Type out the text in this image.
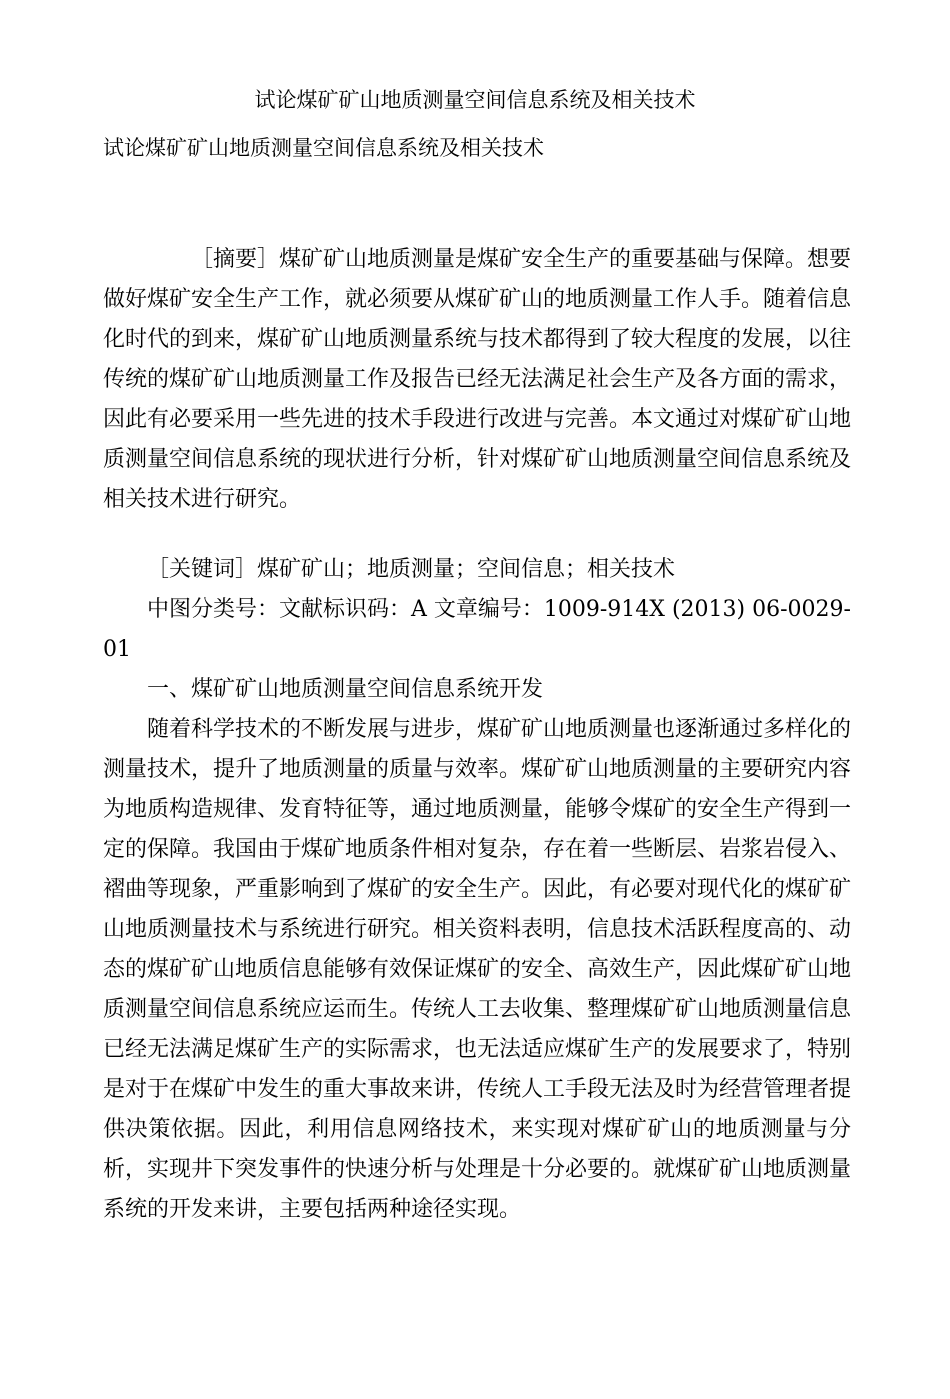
试论煤矿矿山地质测量空间信息系统及相关技术
试论煤矿矿山地质测量空间信息系统及相关技术

［摘要］煤矿矿山地质测量是煤矿安全生产的重要基础与保障。想要做好煤矿安全生产工作，就必须要从煤矿矿山的地质测量工作人手。随着信息化时代的到来，煤矿矿山地质测量系统与技术都得到了较大程度的发展，以往传统的煤矿矿山地质测量工作及报告已经无法满足社会生产及各方面的需求，因此有必要采用一些先进的技术手段进行改进与完善。本文通过对煤矿矿山地质测量空间信息系统的现状进行分析，针对煤矿矿山地质测量空间信息系统及相关技术进行研究。

［关键词］煤矿矿山；地质测量；空间信息；相关技术

中图分类号：文献标识码：A 文章编号：1009-914X (2013) 06-0029-01

一、煤矿矿山地质测量空间信息系统开发

随着科学技术的不断发展与进步，煤矿矿山地质测量也逐渐通过多样化的测量技术，提升了地质测量的质量与效率。煤矿矿山地质测量的主要研究内容为地质构造规律、发育特征等，通过地质测量，能够令煤矿的安全生产得到一定的保障。我国由于煤矿地质条件相对复杂，存在着一些断层、岩浆岩侵入、褶曲等现象，严重影响到了煤矿的安全生产。因此，有必要对现代化的煤矿矿山地质测量技术与系统进行研究。相关资料表明，信息技术活跃程度高的、动态的煤矿矿山地质信息能够有效保证煤矿的安全、高效生产，因此煤矿矿山地质测量空间信息系统应运而生。传统人工去收集、整理煤矿矿山地质测量信息已经无法满足煤矿生产的实际需求，也无法适应煤矿生产的发展要求了，特别是对于在煤矿中发生的重大事故来讲，传统人工手段无法及时为经营管理者提供决策依据。因此，利用信息网络技术，来实现对煤矿矿山的地质测量与分析，实现井下突发事件的快速分析与处理是十分必要的。就煤矿矿山地质测量系统的开发来讲，主要包括两种途径实现。
